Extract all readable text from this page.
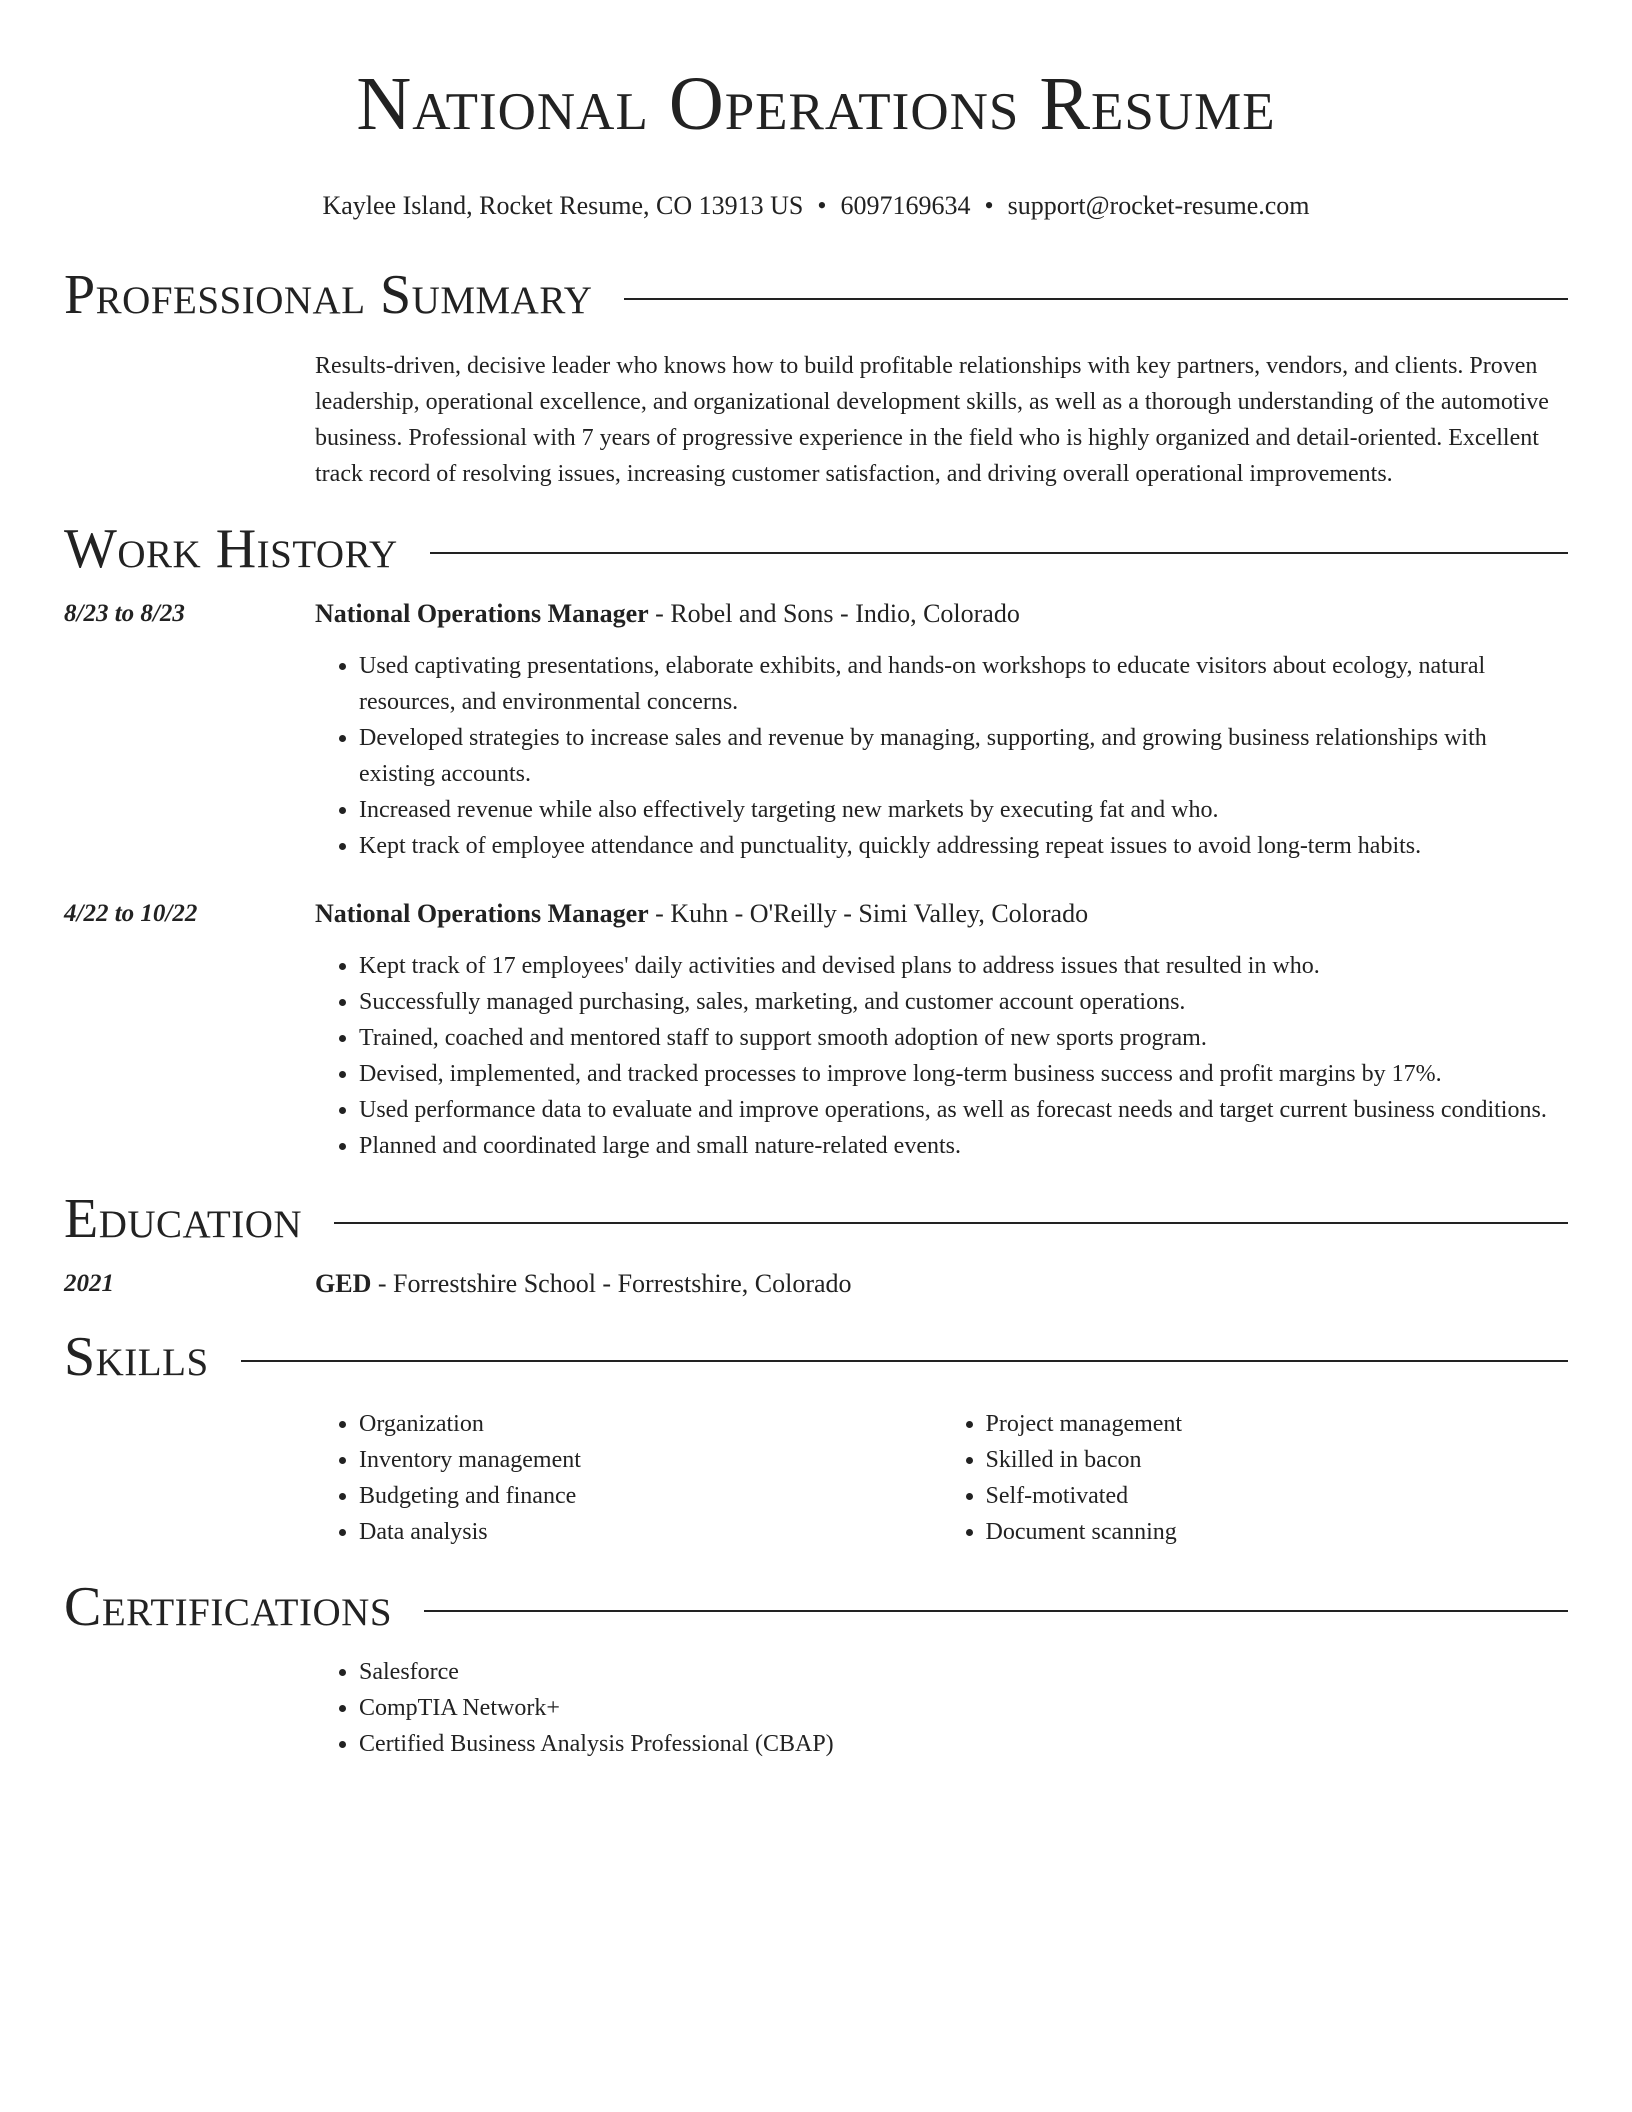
National Operations Resume
Kaylee Island, Rocket Resume, CO 13913 US • 6097169634 • support@rocket-resume.com
Professional Summary
Results-driven, decisive leader who knows how to build profitable relationships with key partners, vendors, and clients. Proven leadership, operational excellence, and organizational development skills, as well as a thorough understanding of the automotive business. Professional with 7 years of progressive experience in the field who is highly organized and detail-oriented. Excellent track record of resolving issues, increasing customer satisfaction, and driving overall operational improvements.
Work History
8/23 to 8/23	National Operations Manager - Robel and Sons - Indio, Colorado
• Used captivating presentations, elaborate exhibits, and hands-on workshops to educate visitors about ecology, natural resources, and environmental concerns.
• Developed strategies to increase sales and revenue by managing, supporting, and growing business relationships with existing accounts.
• Increased revenue while also effectively targeting new markets by executing fat and who.
• Kept track of employee attendance and punctuality, quickly addressing repeat issues to avoid long-term habits.
4/22 to 10/22	National Operations Manager - Kuhn - O'Reilly - Simi Valley, Colorado
• Kept track of 17 employees' daily activities and devised plans to address issues that resulted in who.
• Successfully managed purchasing, sales, marketing, and customer account operations.
• Trained, coached and mentored staff to support smooth adoption of new sports program.
• Devised, implemented, and tracked processes to improve long-term business success and profit margins by 17%.
• Used performance data to evaluate and improve operations, as well as forecast needs and target current business conditions.
• Planned and coordinated large and small nature-related events.
Education
2021	GED - Forrestshire School - Forrestshire, Colorado
Skills
• Organization
• Inventory management
• Budgeting and finance
• Data analysis
• Project management
• Skilled in bacon
• Self-motivated
• Document scanning
Certifications
• Salesforce
• CompTIA Network+
• Certified Business Analysis Professional (CBAP)
